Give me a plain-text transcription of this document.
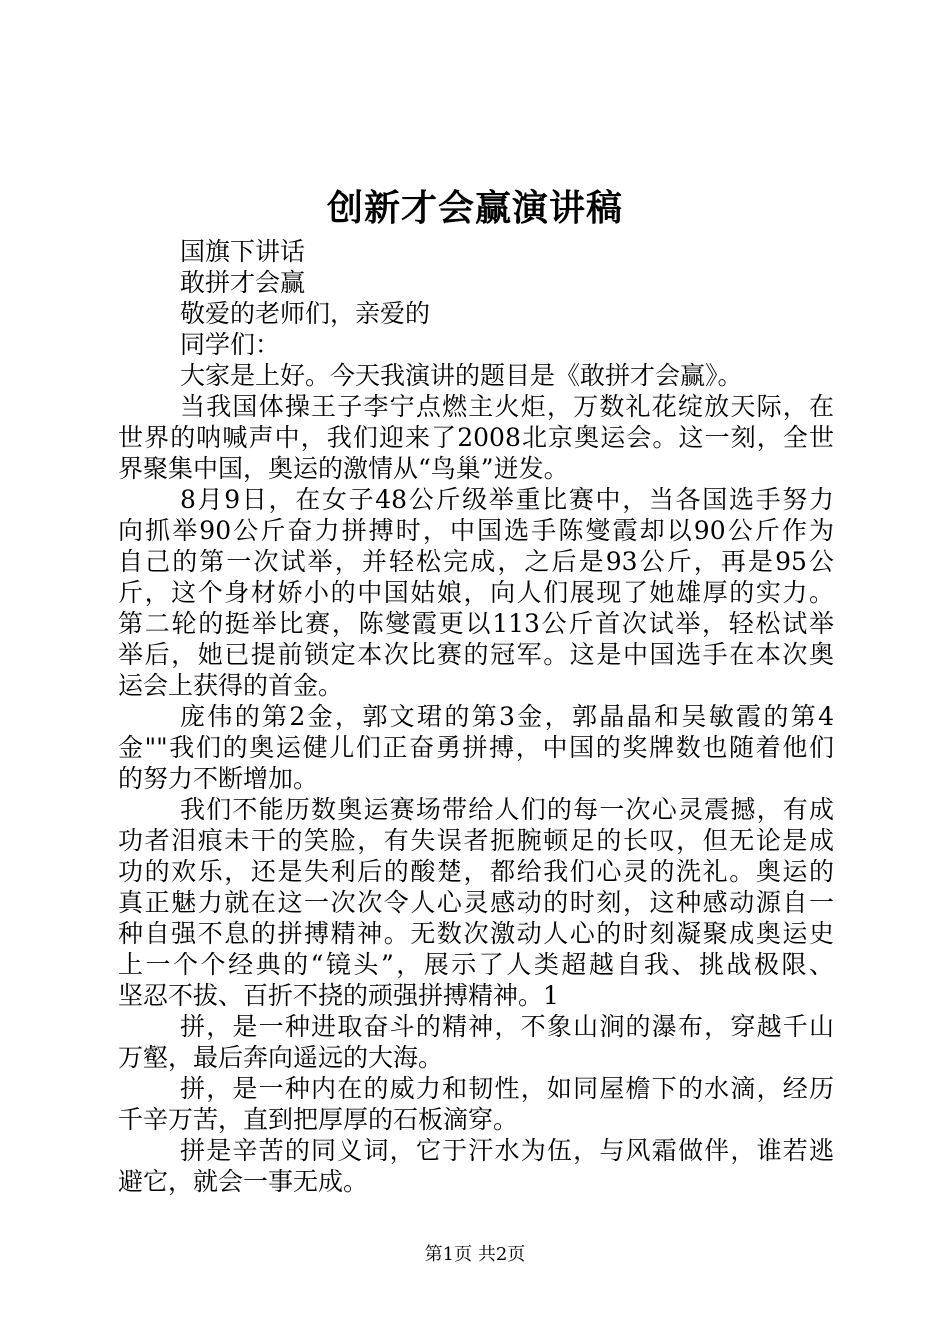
创新才会赢演讲稿
国旗下讲话
敢拼才会赢
敬爱的老师们，亲爱的
同学们：
大家是上好。今天我演讲的题目是《敢拼才会赢》。
当我国体操王子李宁点燃主火炬，万数礼花绽放天际，在
世界的呐喊声中，我们迎来了2008北京奥运会。这一刻，全世
界聚集中国，奥运的激情从“鸟巢”迸发。
8月9日，在女子48公斤级举重比赛中，当各国选手努力
向抓举90公斤奋力拼搏时，中国选手陈燮霞却以90公斤作为
自己的第一次试举，并轻松完成，之后是93公斤，再是95公
斤，这个身材娇小的中国姑娘，向人们展现了她雄厚的实力。
第二轮的挺举比赛，陈燮霞更以113公斤首次试举，轻松试举
举后，她已提前锁定本次比赛的冠军。这是中国选手在本次奥
运会上获得的首金。
庞伟的第2金，郭文珺的第3金，郭晶晶和吴敏霞的第4
金""我们的奥运健儿们正奋勇拼搏，中国的奖牌数也随着他们
的努力不断增加。
我们不能历数奥运赛场带给人们的每一次心灵震撼，有成
功者泪痕未干的笑脸，有失误者扼腕顿足的长叹，但无论是成
功的欢乐，还是失利后的酸楚，都给我们心灵的洗礼。奥运的
真正魅力就在这一次次令人心灵感动的时刻，这种感动源自一
种自强不息的拼搏精神。无数次激动人心的时刻凝聚成奥运史
上一个个经典的“镜头”，展示了人类超越自我、挑战极限、
坚忍不拔、百折不挠的顽强拼搏精神。1
拼，是一种进取奋斗的精神，不象山涧的瀑布，穿越千山
万壑，最后奔向遥远的大海。
拼，是一种内在的威力和韧性，如同屋檐下的水滴，经历
千辛万苦，直到把厚厚的石板滴穿。
拼是辛苦的同义词，它于汗水为伍，与风霜做伴，谁若逃
避它，就会一事无成。
第1页 共2页
